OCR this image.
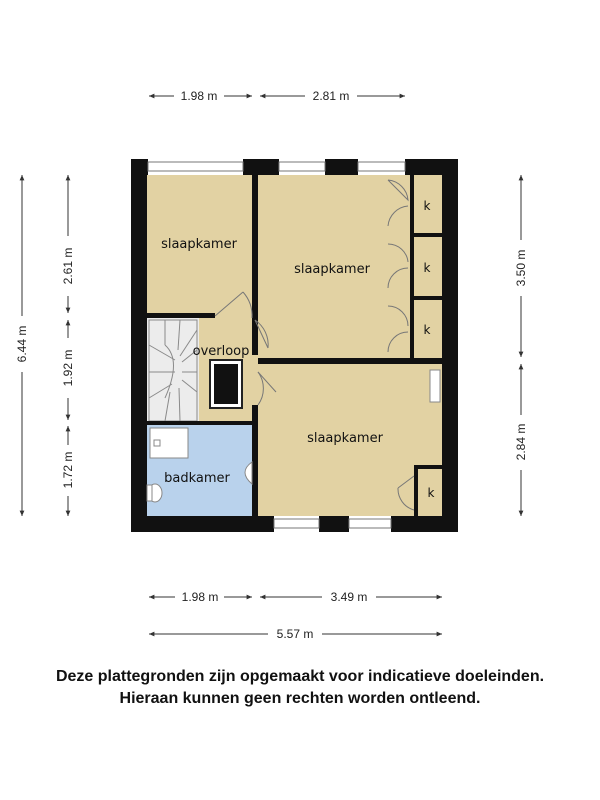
slaapkamer
slaapkamer
slaapkamer
overloop
badkamer
k
k
k
k
1.98 m	2.81 m
1.98 m	3.49 m
5.57 m
6.44 m
2.61 m
1.92 m
1.72 m
3.50 m
2.84 m
Deze plattegronden zijn opgemaakt voor indicatieve doeleinden.
Hieraan kunnen geen rechten worden ontleend.
